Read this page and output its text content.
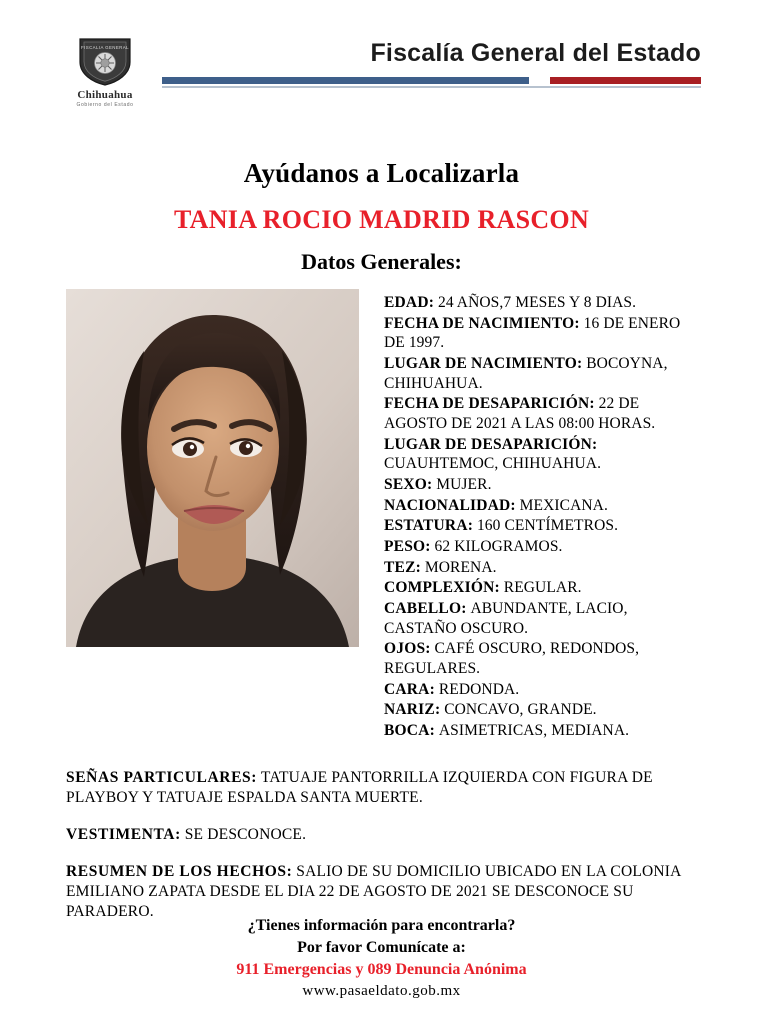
FISCALIA GENERAL
Chihuahua
Gobierno del Estado
Fiscalía General del Estado
Ayúdanos a Localizarla
TANIA ROCIO MADRID RASCON
Datos Generales:
EDAD: 24 AÑOS,7 MESES Y 8 DIAS.
FECHA DE NACIMIENTO: 16 DE ENERO DE 1997.
LUGAR DE NACIMIENTO: BOCOYNA, CHIHUAHUA.
FECHA DE DESAPARICIÓN: 22 DE AGOSTO DE 2021 A LAS 08:00 HORAS.
LUGAR DE DESAPARICIÓN: CUAUHTEMOC, CHIHUAHUA.
SEXO: MUJER.
NACIONALIDAD: MEXICANA.
ESTATURA: 160 CENTÍMETROS.
PESO: 62 KILOGRAMOS.
TEZ: MORENA.
COMPLEXIÓN: REGULAR.
CABELLO: ABUNDANTE, LACIO, CASTAÑO OSCURO.
OJOS: CAFÉ OSCURO, REDONDOS, REGULARES.
CARA: REDONDA.
NARIZ: CONCAVO, GRANDE.
BOCA: ASIMETRICAS, MEDIANA.
SEÑAS PARTICULARES: TATUAJE PANTORRILLA IZQUIERDA CON FIGURA DE PLAYBOY Y TATUAJE ESPALDA SANTA MUERTE.
VESTIMENTA: SE DESCONOCE.
RESUMEN DE LOS HECHOS: SALIO DE SU DOMICILIO UBICADO EN LA COLONIA EMILIANO ZAPATA DESDE EL DIA 22 DE AGOSTO DE 2021 SE DESCONOCE SU PARADERO.
¿Tienes información para encontrarla?
Por favor Comunícate a:
911 Emergencias y 089 Denuncia Anónima
www.pasaeldato.gob.mx
